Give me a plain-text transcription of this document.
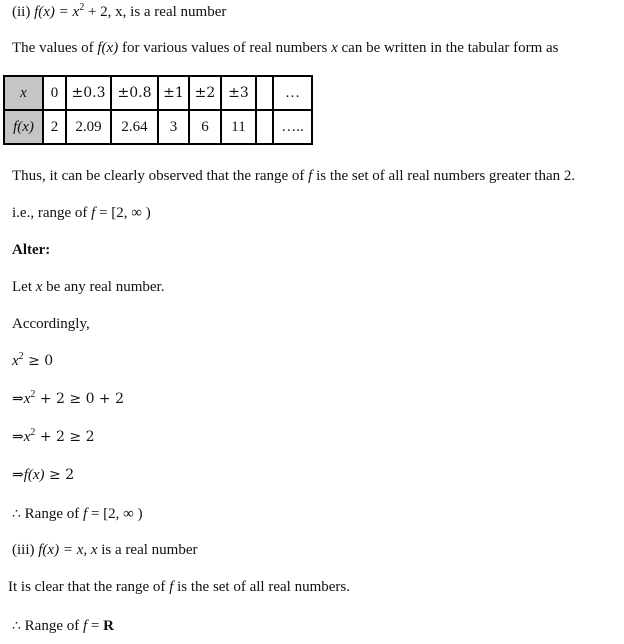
(ii) $f(x) = x^2 + 2$, x, is a real number
The values of f(x) for various values of real numbers x can be written in the tabular form as
x	0	±0.3	±0.8	±1	±2	±3		…
f(x)	2	2.09	2.64	3	6	11		…..
Thus, it can be clearly observed that the range of f is the set of all real numbers greater than 2.
i.e., range of f = [2, ∞ )
Alter:
Let x be any real number.
Accordingly,
$x^2 \ge 0$
$\Rightarrow x^2 + 2 \ge 0 + 2$
$\Rightarrow x^2 + 2 \ge 2$
⇒f(x) ≥ 2
∴ Range of f = [2, ∞ )
(iii) f(x) = x, x is a real number
It is clear that the range of f is the set of all real numbers.
∴ Range of f = R
